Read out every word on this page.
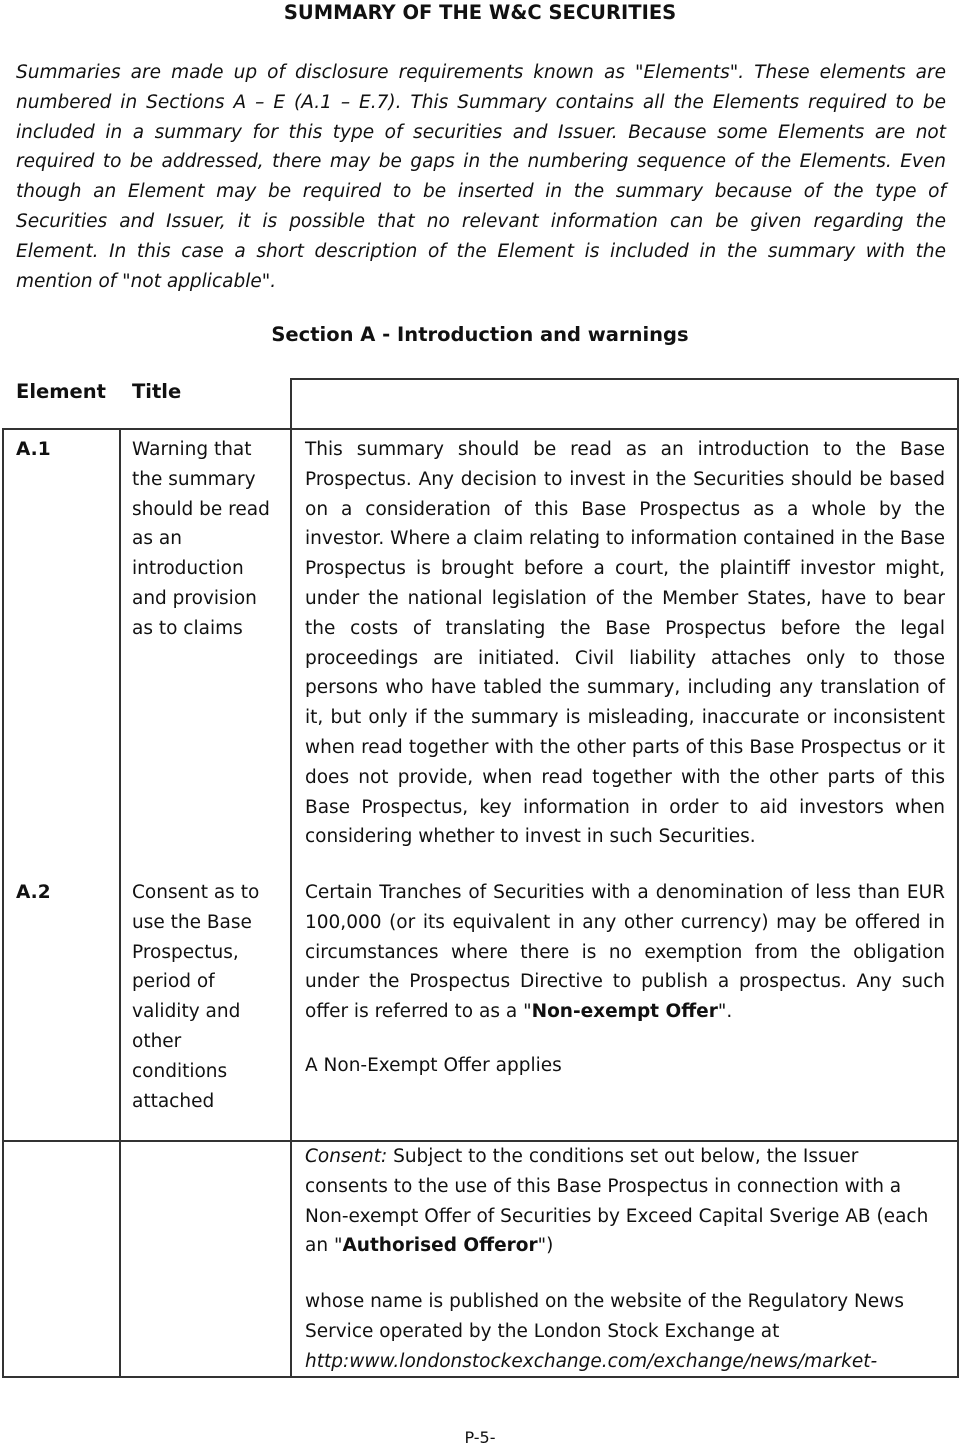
SUMMARY OF THE W&C SECURITIES

Summaries are made up of disclosure requirements known as "Elements". These elements are numbered in Sections A – E (A.1 – E.7). This Summary contains all the Elements required to be included in a summary for this type of securities and Issuer. Because some Elements are not required to be addressed, there may be gaps in the numbering sequence of the Elements. Even though an Element may be required to be inserted in the summary because of the type of Securities and Issuer, it is possible that no relevant information can be given regarding the Element. In this case a short description of the Element is included in the summary with the mention of "not applicable".

Section A - Introduction and warnings
Element Title
A.1	Warning that the summary should be read as an introduction and provision as to claims

This summary should be read as an introduction to the Base Prospectus. Any decision to invest in the Securities should be based on a consideration of this Base Prospectus as a whole by the investor. Where a claim relating to information contained in the Base Prospectus is brought before a court, the plaintiff investor might, under the national legislation of the Member States, have to bear the costs of translating the Base Prospectus before the legal proceedings are initiated. Civil liability attaches only to those persons who have tabled the summary, including any translation of it, but only if the summary is misleading, inaccurate or inconsistent when read together with the other parts of this Base Prospectus or it does not provide, when read together with the other parts of this Base Prospectus, key information in order to aid investors when considering whether to invest in such Securities.

A.2	Consent as to use the Base Prospectus, period of validity and other conditions attached

Certain Tranches of Securities with a denomination of less than EUR 100,000 (or its equivalent in any other currency) may be offered in circumstances where there is no exemption from the obligation under the Prospectus Directive to publish a prospectus. Any such offer is referred to as a "Non-exempt Offer".

A Non-Exempt Offer applies

Consent: Subject to the conditions set out below, the Issuer consents to the use of this Base Prospectus in connection with a Non-exempt Offer of Securities by Exceed Capital Sverige AB (each an "Authorised Offeror")

whose name is published on the website of the Regulatory News Service operated by the London Stock Exchange at
http:www.londonstockexchange.com/exchange/news/market-

P-5-
